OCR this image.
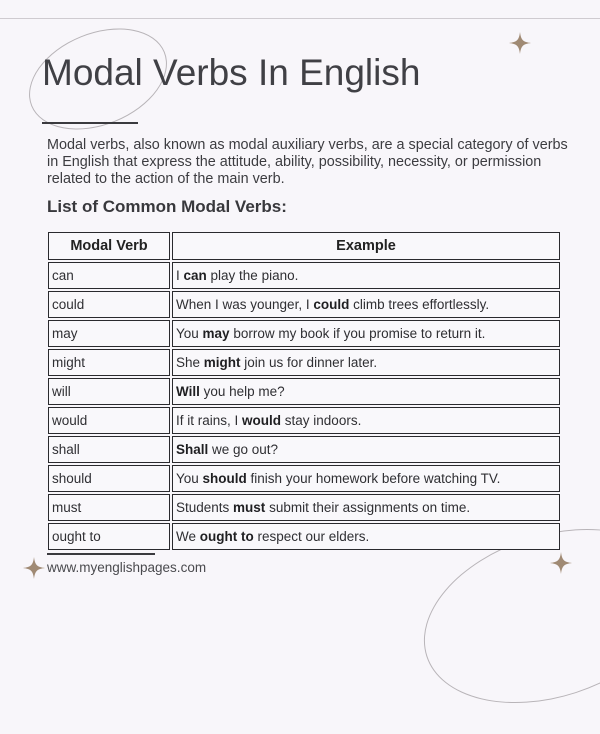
Modal Verbs In English
Modal verbs, also known as modal auxiliary verbs, are a special category of verbs in English that express the attitude, ability, possibility, necessity, or permission related to the action of the main verb.
List of Common Modal Verbs:
Modal Verb	Example
can	I can play the piano.
could	When I was younger, I could climb trees effortlessly.
may	You may borrow my book if you promise to return it.
might	She might join us for dinner later.
will	Will you help me?
would	If it rains, I would stay indoors.
shall	Shall we go out?
should	You should finish your homework before watching TV.
must	Students must submit their assignments on time.
ought to	We ought to respect our elders.
www.myenglishpages.com
